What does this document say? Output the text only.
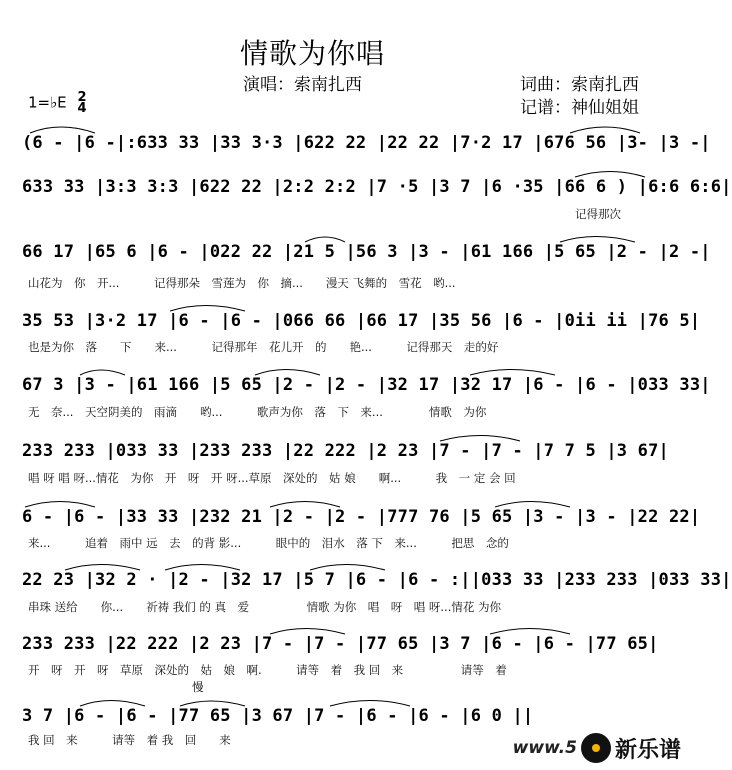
情歌为你唱
演唱：索南扎西	词曲：索南扎西
记谱：神仙姐姐
1=♭E 2
4
(6 - |6 -|:633 33 |33 3·3 |622 22 |22 22 |7·2 17 |676 56 |3- |3 -|
633 33 |3:3 3:3 |622 22 |2:2 2:2 |7 ·5 |3 7 |6 ·35 |66 6 ) |6:6 6:6|
记得那次
66 17 |65 6 |6 - |022 22 |21 5 |56 3 |3 - |61 166 |5 65 |2 - |2 -|
山花为　你　开...　　　记得那朵　雪莲为　你　摘...　　漫天 飞舞的　雪花　哟...
35 53 |3·2 17 |6 - |6 - |066 66 |66 17 |35 56 |6 - |0ii ii |76 5|
也是为你　落　　下　　来...　　　记得那年　花儿开　的　　艳...　　　记得那天　走的好
67 3 |3 - |61 166 |5 65 |2 - |2 - |32 17 |32 17 |6 - |6 - |033 33|
无　奈...　天空阴美的　雨滴　　哟...　　　歌声为你　落　下　来...　　　　情歌　为你
233 233 |033 33 |233 233 |22 222 |2 23 |7 - |7 - |7 7 5 |3 67|
唱 呀 唱 呀...情花　为你　开　呀　开 呀...草原　深处的　姑 娘　　啊...　　　我　一 定 会 回
6 - |6 - |33 33 |232 21 |2 - |2 - |777 76 |5 65 |3 - |3 - |22 22|
来...　　　追着　雨中 远　去　的背 影...　　　眼中的　泪水　落 下　来...　　　把思　念的
22 23 |32 2 · |2 - |32 17 |5 7 |6 - |6 - :||033 33 |233 233 |033 33|
串珠 送给　　你...　　祈祷 我们 的 真　爱　　　　　情歌 为你　唱　呀　唱 呀...情花 为你
233 233 |22 222 |2 23 |7 - |7 - |77 65 |3 7 |6 - |6 - |77 65|
开　呀　开　呀　草原　深处的　姑　娘　啊.　　　请等　着　我 回　来　　　　　请等　着
慢
3 7 |6 - |6 - |77 65 |3 67 |7 - |6 - |6 - |6 0 ||
我 回　来　　　请等　着 我　回　　来	www.5 新乐谱
